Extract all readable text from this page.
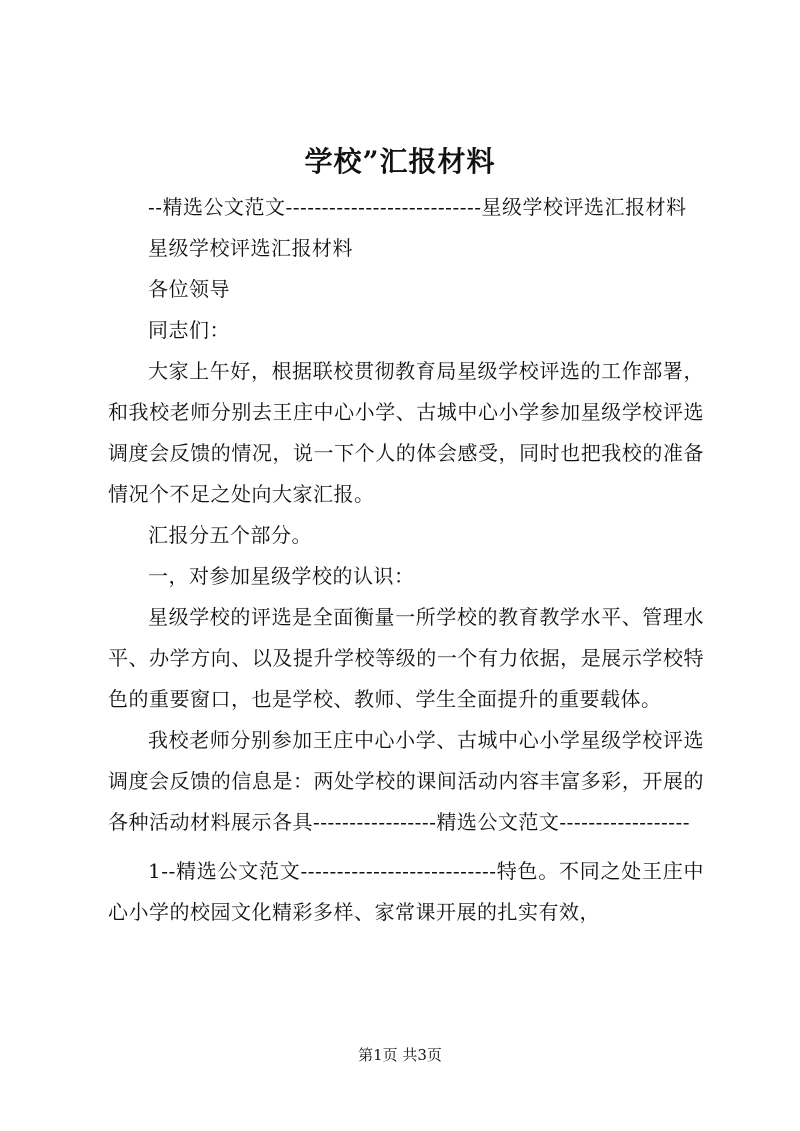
学校”汇报材料

--精选公文范文---------------------------星级学校评选汇报材料

星级学校评选汇报材料

各位领导

同志们：

大家上午好，根据联校贯彻教育局星级学校评选的工作部署，和我校老师分别去王庄中心小学、古城中心小学参加星级学校评选调度会反馈的情况，说一下个人的体会感受，同时也把我校的准备情况个不足之处向大家汇报。

汇报分五个部分。

一，对参加星级学校的认识：

星级学校的评选是全面衡量一所学校的教育教学水平、管理水平、办学方向、以及提升学校等级的一个有力依据，是展示学校特色的重要窗口，也是学校、教师、学生全面提升的重要载体。

我校老师分别参加王庄中心小学、古城中心小学星级学校评选调度会反馈的信息是：两处学校的课间活动内容丰富多彩，开展的各种活动材料展示各具-----------------精选公文范文------------------

1--精选公文范文---------------------------特色。不同之处王庄中心小学的校园文化精彩多样、家常课开展的扎实有效，

第1页 共3页
